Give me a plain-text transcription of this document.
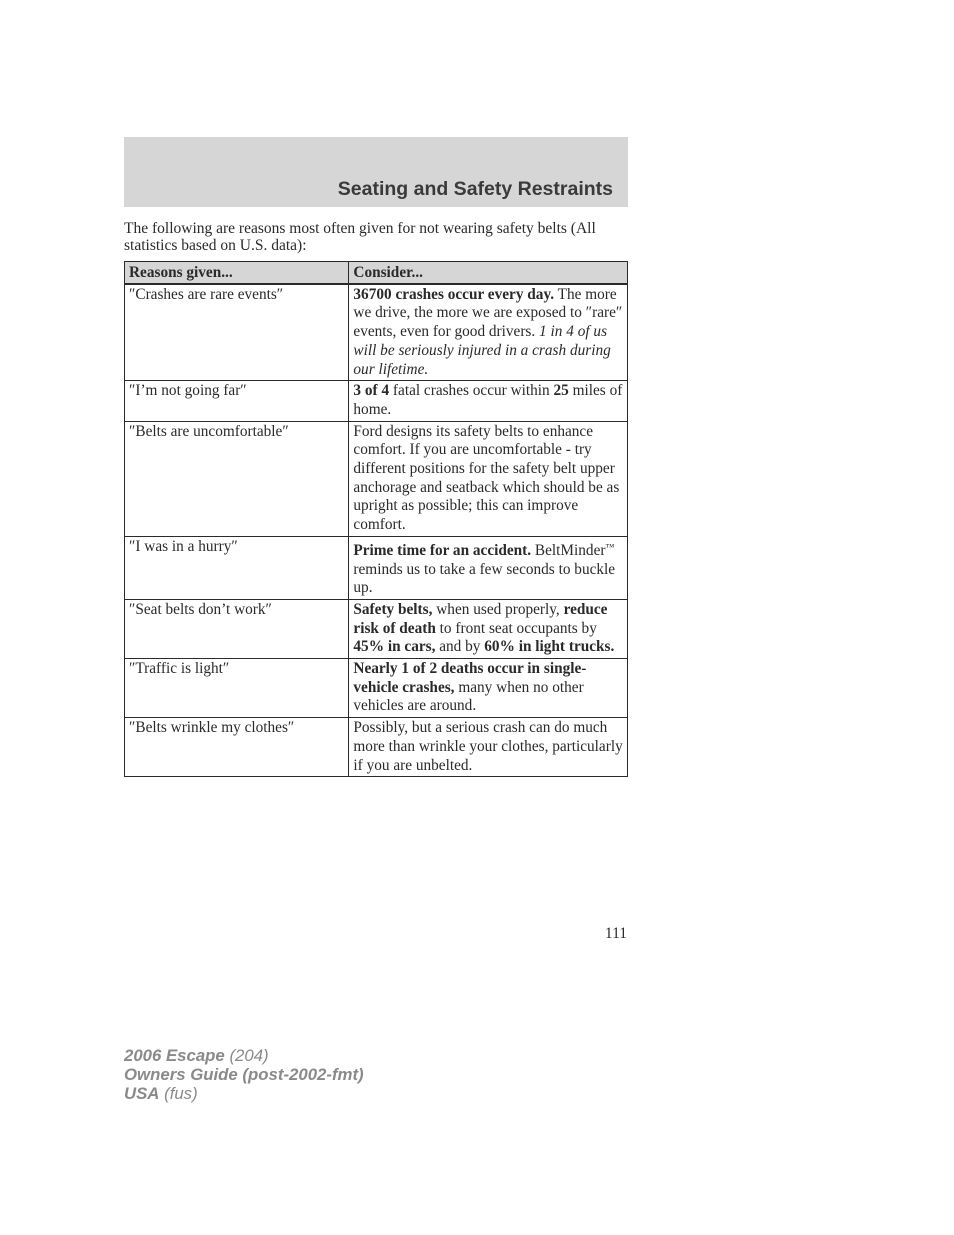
Seating and Safety Restraints
The following are reasons most often given for not wearing safety belts (All statistics based on U.S. data):
Reasons given...	Consider...
″Crashes are rare events″	36700 crashes occur every day. The more we drive, the more we are exposed to ″rare″ events, even for good drivers. 1 in 4 of us will be seriously injured in a crash during our lifetime.
″I’m not going far″	3 of 4 fatal crashes occur within 25 miles of home.
″Belts are uncomfortable″	Ford designs its safety belts to enhance comfort. If you are uncomfortable - try different positions for the safety belt upper anchorage and seatback which should be as upright as possible; this can improve comfort.
″I was in a hurry″	Prime time for an accident. BeltMinder™ reminds us to take a few seconds to buckle up.
″Seat belts don’t work″	Safety belts, when used properly, reduce risk of death to front seat occupants by 45% in cars, and by 60% in light trucks.
″Traffic is light″	Nearly 1 of 2 deaths occur in single-vehicle crashes, many when no other vehicles are around.
″Belts wrinkle my clothes″	Possibly, but a serious crash can do much more than wrinkle your clothes, particularly if you are unbelted.
111
2006 Escape (204)
Owners Guide (post-2002-fmt)
USA (fus)
